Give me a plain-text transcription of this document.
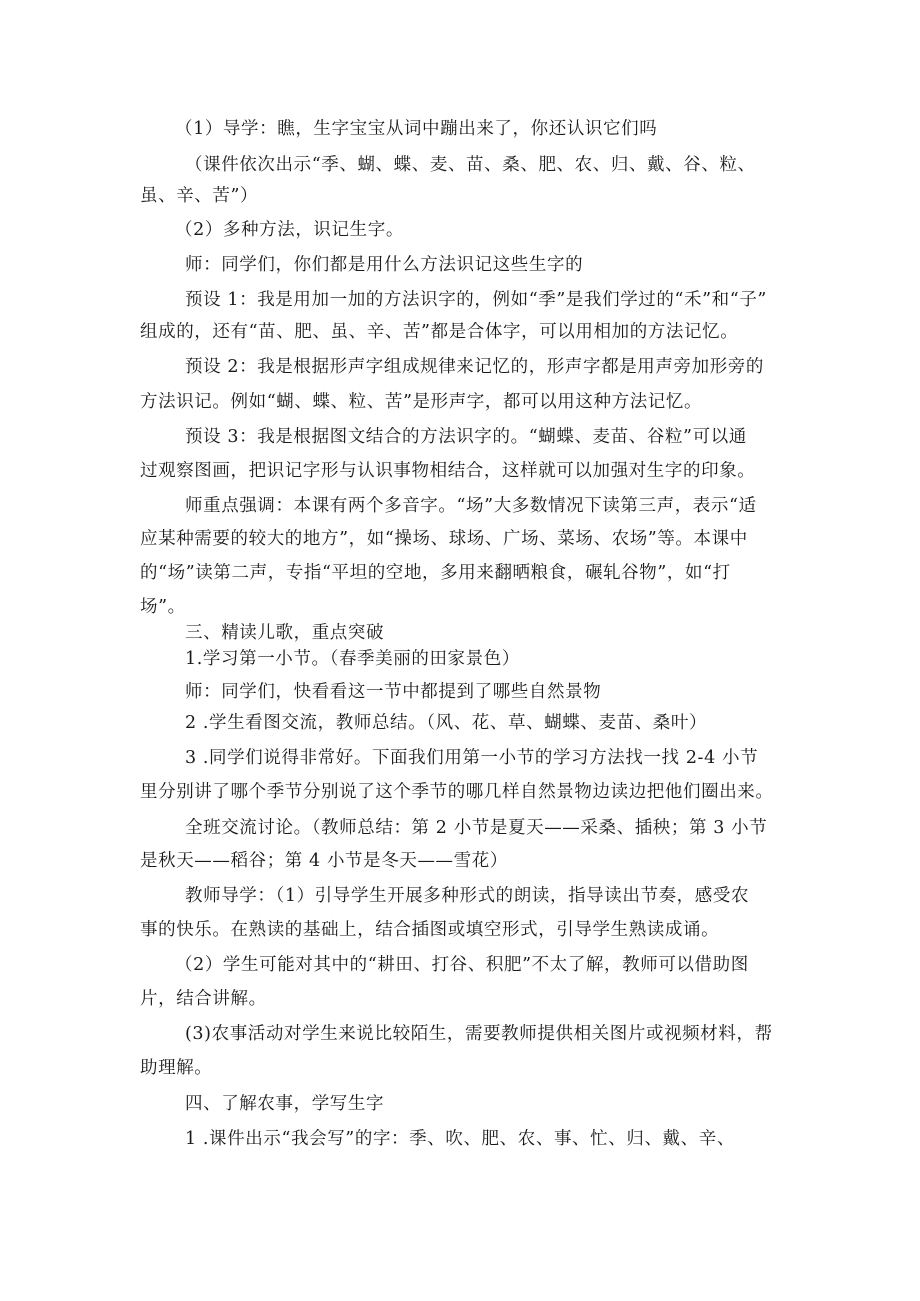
（1）导学：瞧，生字宝宝从词中蹦出来了，你还认识它们吗
（课件依次出示“季、蝴、蝶、麦、苗、桑、肥、农、归、戴、谷、粒、
虽、辛、苦”）
（2）多种方法，识记生字。
师：同学们，你们都是用什么方法识记这些生字的
预设 1：我是用加一加的方法识字的，例如“季”是我们学过的“禾”和“子”
组成的，还有“苗、肥、虽、辛、苦”都是合体字，可以用相加的方法记忆。
预设 2：我是根据形声字组成规律来记忆的，形声字都是用声旁加形旁的
方法识记。例如“蝴、蝶、粒、苦”是形声字，都可以用这种方法记忆。
预设 3：我是根据图文结合的方法识字的。“蝴蝶、麦苗、谷粒”可以通
过观察图画，把识记字形与认识事物相结合，这样就可以加强对生字的印象。
师重点强调：本课有两个多音字。“场”大多数情况下读第三声，表示“适
应某种需要的较大的地方”，如“操场、球场、广场、菜场、农场”等。本课中
的“场”读第二声，专指“平坦的空地，多用来翻晒粮食，碾轧谷物”，如“打
场”。
三、精读儿歌，重点突破
1.学习第一小节。（春季美丽的田家景色）
师：同学们，快看看这一节中都提到了哪些自然景物
2 .学生看图交流，教师总结。（风、花、草、蝴蝶、麦苗、桑叶）
3 .同学们说得非常好。下面我们用第一小节的学习方法找一找 2-4 小节
里分别讲了哪个季节分别说了这个季节的哪几样自然景物边读边把他们圈出来。
全班交流讨论。（教师总结：第 2 小节是夏天——采桑、插秧；第 3 小节
是秋天——稻谷；第 4 小节是冬天——雪花）
教师导学：（1）引导学生开展多种形式的朗读，指导读出节奏，感受农
事的快乐。在熟读的基础上，结合插图或填空形式，引导学生熟读成诵。
（2）学生可能对其中的“耕田、打谷、积肥”不太了解，教师可以借助图
片，结合讲解。
(3)农事活动对学生来说比较陌生，需要教师提供相关图片或视频材料，帮
助理解。
四、了解农事，学写生字
1 .课件出示“我会写”的字：季、吹、肥、农、事、忙、归、戴、辛、
